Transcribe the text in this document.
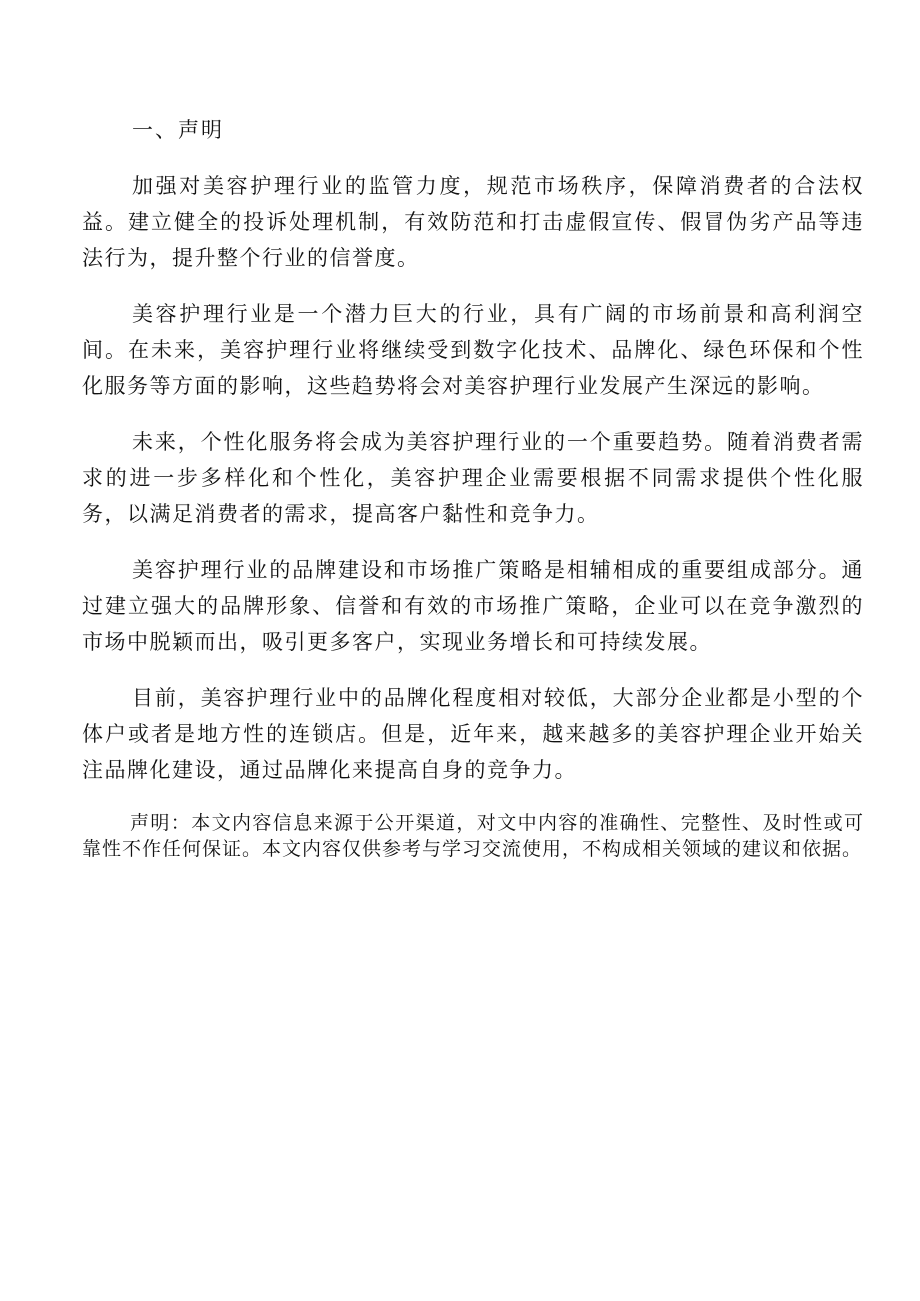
一、声明

加强对美容护理行业的监管力度，规范市场秩序，保障消费者的合法权益。建立健全的投诉处理机制，有效防范和打击虚假宣传、假冒伪劣产品等违法行为，提升整个行业的信誉度。

美容护理行业是一个潜力巨大的行业，具有广阔的市场前景和高利润空间。在未来，美容护理行业将继续受到数字化技术、品牌化、绿色环保和个性化服务等方面的影响，这些趋势将会对美容护理行业发展产生深远的影响。

未来，个性化服务将会成为美容护理行业的一个重要趋势。随着消费者需求的进一步多样化和个性化，美容护理企业需要根据不同需求提供个性化服务，以满足消费者的需求，提高客户黏性和竞争力。

美容护理行业的品牌建设和市场推广策略是相辅相成的重要组成部分。通过建立强大的品牌形象、信誉和有效的市场推广策略，企业可以在竞争激烈的市场中脱颖而出，吸引更多客户，实现业务增长和可持续发展。

目前，美容护理行业中的品牌化程度相对较低，大部分企业都是小型的个体户或者是地方性的连锁店。但是，近年来，越来越多的美容护理企业开始关注品牌化建设，通过品牌化来提高自身的竞争力。

声明：本文内容信息来源于公开渠道，对文中内容的准确性、完整性、及时性或可靠性不作任何保证。本文内容仅供参考与学习交流使用，不构成相关领域的建议和依据。
